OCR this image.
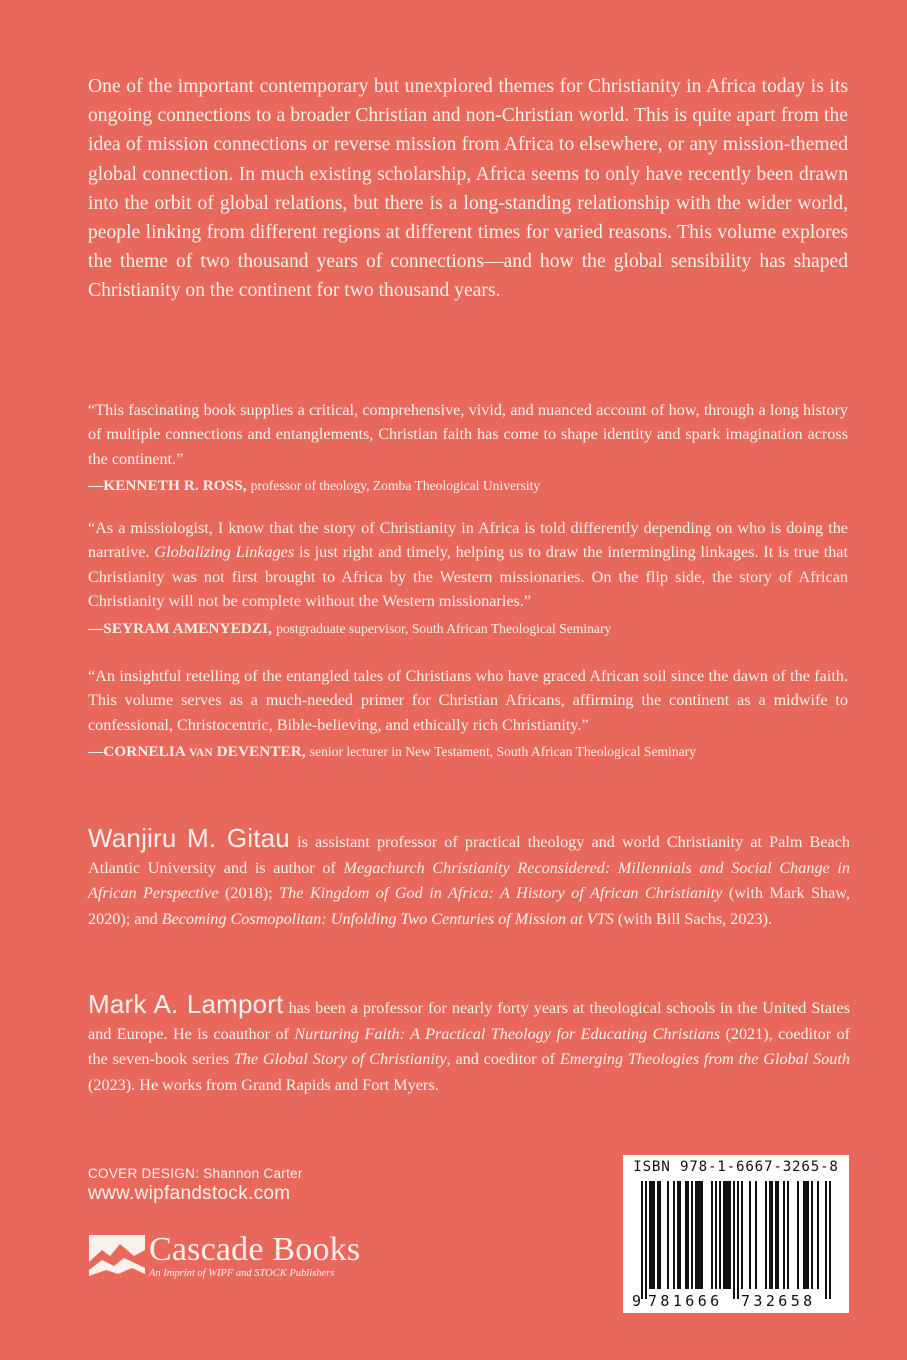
One of the important contemporary but unexplored themes for Christianity in Africa today is its ongoing connections to a broader Christian and non-Christian world. This is quite apart from the idea of mission connections or reverse mission from Africa to elsewhere, or any mission-themed global connection. In much existing scholarship, Africa seems to only have recently been drawn into the orbit of global relations, but there is a long-standing relationship with the wider world, people linking from different regions at different times for varied reasons. This volume explores the theme of two thousand years of connections—and how the global sensibility has shaped Christianity on the continent for two thousand years.

“This fascinating book supplies a critical, comprehensive, vivid, and nuanced account of how, through a long history of multiple connections and entanglements, Christian faith has come to shape identity and spark imagination across the continent.”

—KENNETH R. ROSS, professor of theology, Zomba Theological University

“As a missiologist, I know that the story of Christianity in Africa is told differently depending on who is doing the narrative. Globalizing Linkages is just right and timely, helping us to draw the intermingling linkages. It is true that Christianity was not first brought to Africa by the Western missionaries. On the flip side, the story of African Christianity will not be complete without the Western missionaries.”

—SEYRAM AMENYEDZI, postgraduate supervisor, South African Theological Seminary

“An insightful retelling of the entangled tales of Christians who have graced African soil since the dawn of the faith. This volume serves as a much-needed primer for Christian Africans, affirming the continent as a midwife to confessional, Christocentric, Bible-believing, and ethically rich Christianity.”

—CORNELIA VAN DEVENTER, senior lecturer in New Testament, South African Theological Seminary

Wanjiru M. Gitau is assistant professor of practical theology and world Christianity at Palm Beach Atlantic University and is author of Megachurch Christianity Reconsidered: Millennials and Social Change in African Perspective (2018); The Kingdom of God in Africa: A History of African Christianity (with Mark Shaw, 2020); and Becoming Cosmopolitan: Unfolding Two Centuries of Mission at VTS (with Bill Sachs, 2023).

Mark A. Lamport has been a professor for nearly forty years at theological schools in the United States and Europe. He is coauthor of Nurturing Faith: A Practical Theology for Educating Christians (2021), coeditor of the seven-book series The Global Story of Christianity, and coeditor of Emerging Theologies from the Global South (2023). He works from Grand Rapids and Fort Myers.

COVER DESIGN: Shannon Carter
www.wipfandstock.com
Cascade Books
An Imprint of WIPF and STOCK Publishers
ISBN 978-1-6667-3265-8
9 781666 732658
